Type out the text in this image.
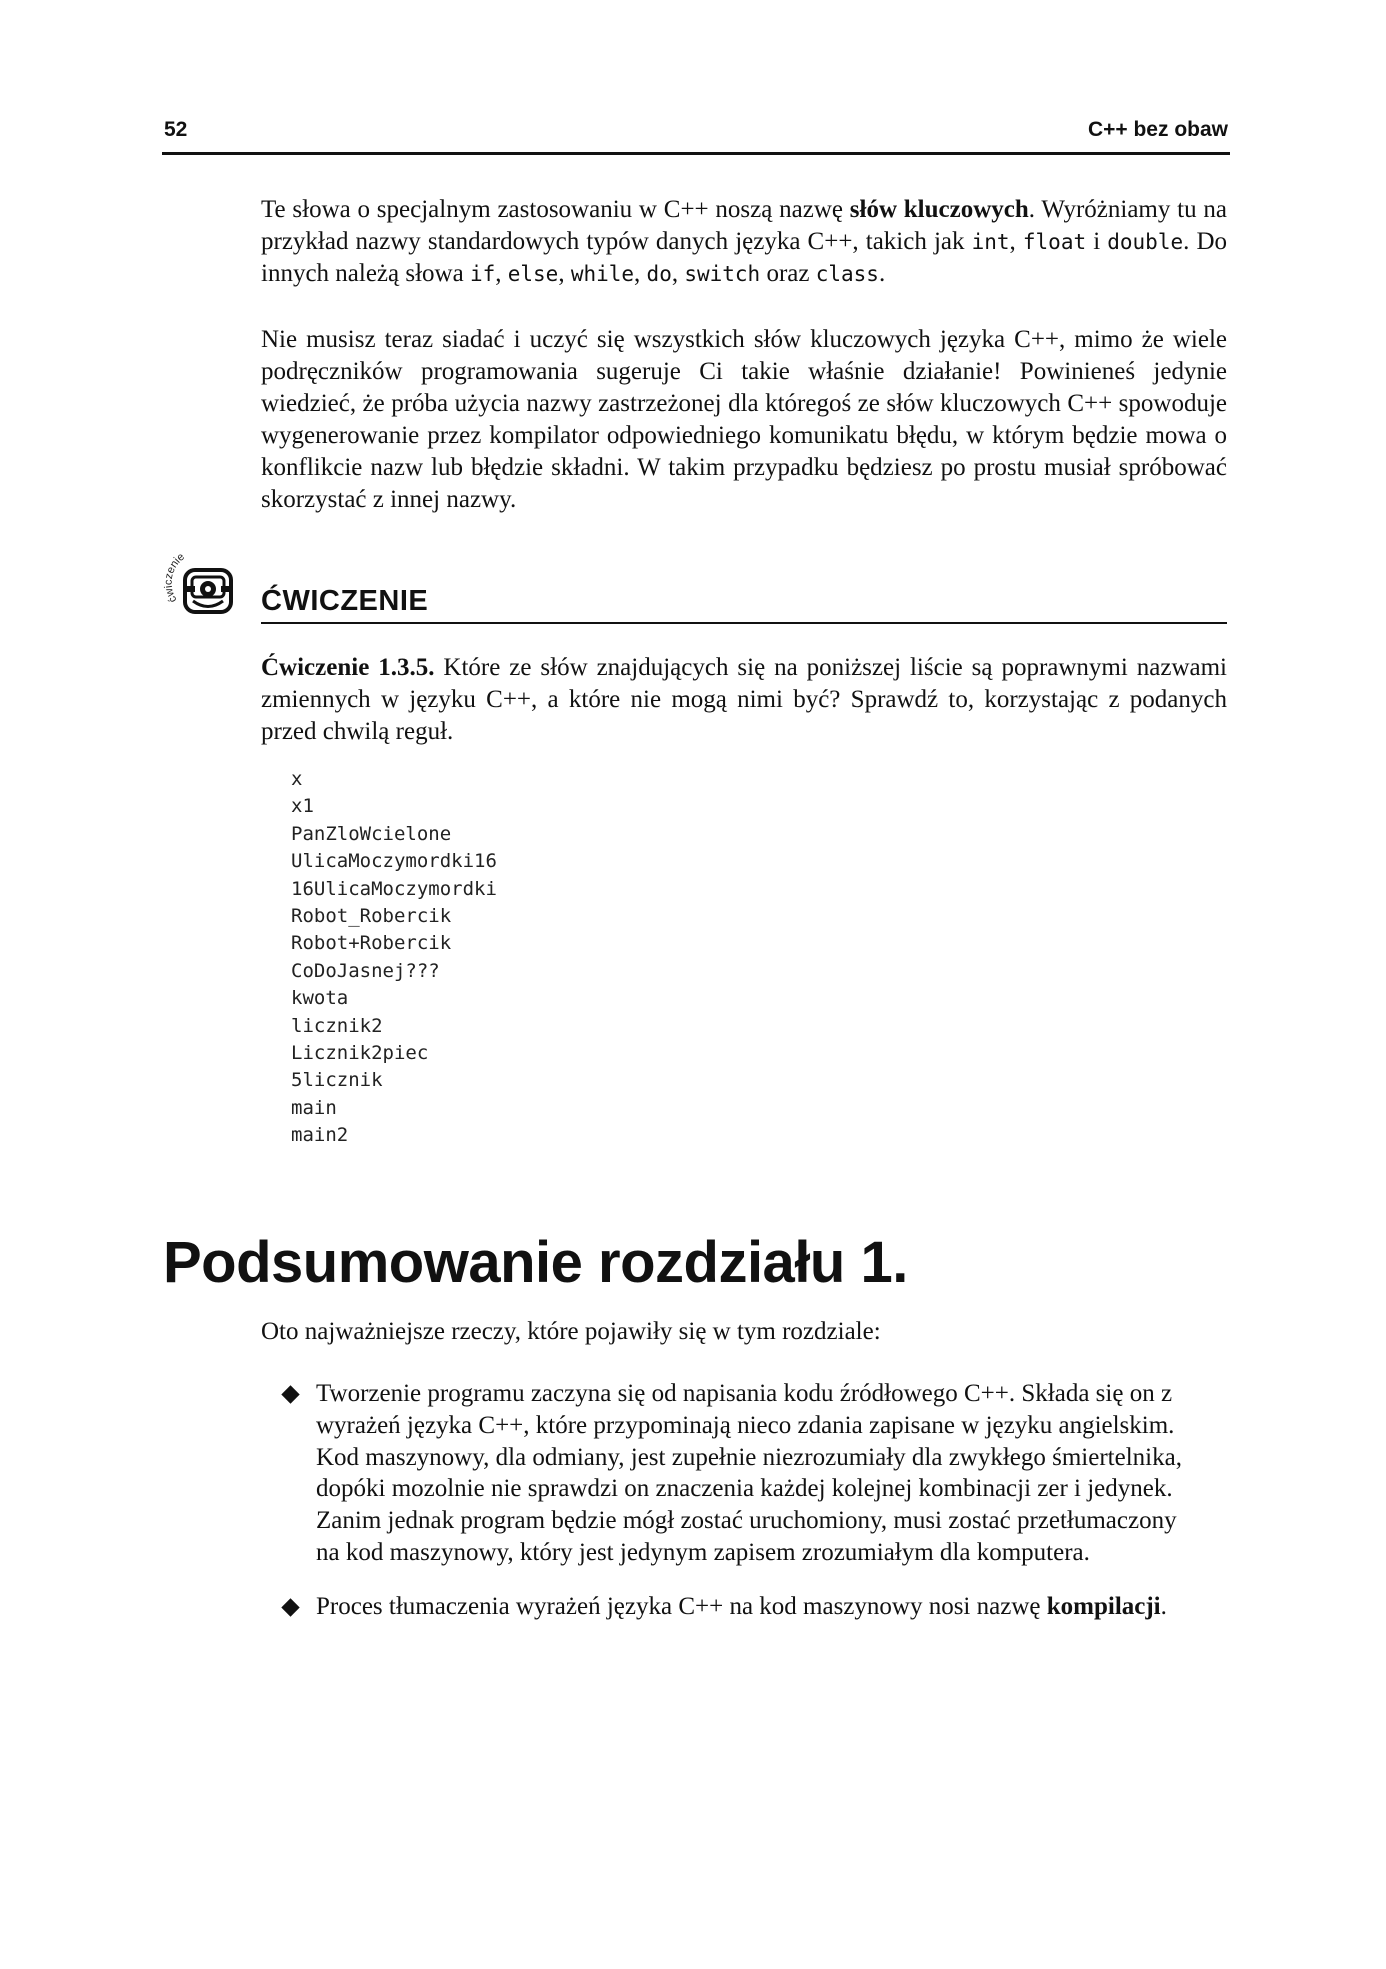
52	C++ bez obaw

Te słowa o specjalnym zastosowaniu w C++ noszą nazwę słów kluczowych. Wyróżniamy tu na przykład nazwy standardowych typów danych języka C++, takich jak int, float i double. Do innych należą słowa if, else, while, do, switch oraz class.

Nie musisz teraz siadać i uczyć się wszystkich słów kluczowych języka C++, mimo że wiele podręczników programowania sugeruje Ci takie właśnie działanie! Powinieneś jedynie wiedzieć, że próba użycia nazwy zastrzeżonej dla któregoś ze słów kluczowych C++ spowoduje wygenerowanie przez kompilator odpowiedniego komunikatu błędu, w którym będzie mowa o konflikcie nazw lub błędzie składni. W takim przypadku będziesz po prostu musiał spróbować skorzystać z innej nazwy.

ćwiczenie
ĆWICZENIE

Ćwiczenie 1.3.5. Które ze słów znajdujących się na poniższej liście są poprawnymi nazwami zmiennych w języku C++, a które nie mogą nimi być? Sprawdź to, korzystając z podanych przed chwilą reguł.

x
x1
PanZloWcielone
UlicaMoczymordki16
16UlicaMoczymordki
Robot_Robercik
Robot+Robercik
CoDoJasnej???
kwota
licznik2
Licznik2piec
5licznik
main
main2
Podsumowanie rozdziału 1.

Oto najważniejsze rzeczy, które pojawiły się w tym rozdziale:

Tworzenie programu zaczyna się od napisania kodu źródłowego C++. Składa się on z wyrażeń języka C++, które przypominają nieco zdania zapisane w języku angielskim. Kod maszynowy, dla odmiany, jest zupełnie niezrozumiały dla zwykłego śmiertelnika, dopóki mozolnie nie sprawdzi on znaczenia każdej kolejnej kombinacji zer i jedynek. Zanim jednak program będzie mógł zostać uruchomiony, musi zostać przetłumaczony na kod maszynowy, który jest jedynym zapisem zrozumiałym dla komputera.
Proces tłumaczenia wyrażeń języka C++ na kod maszynowy nosi nazwę kompilacji.
